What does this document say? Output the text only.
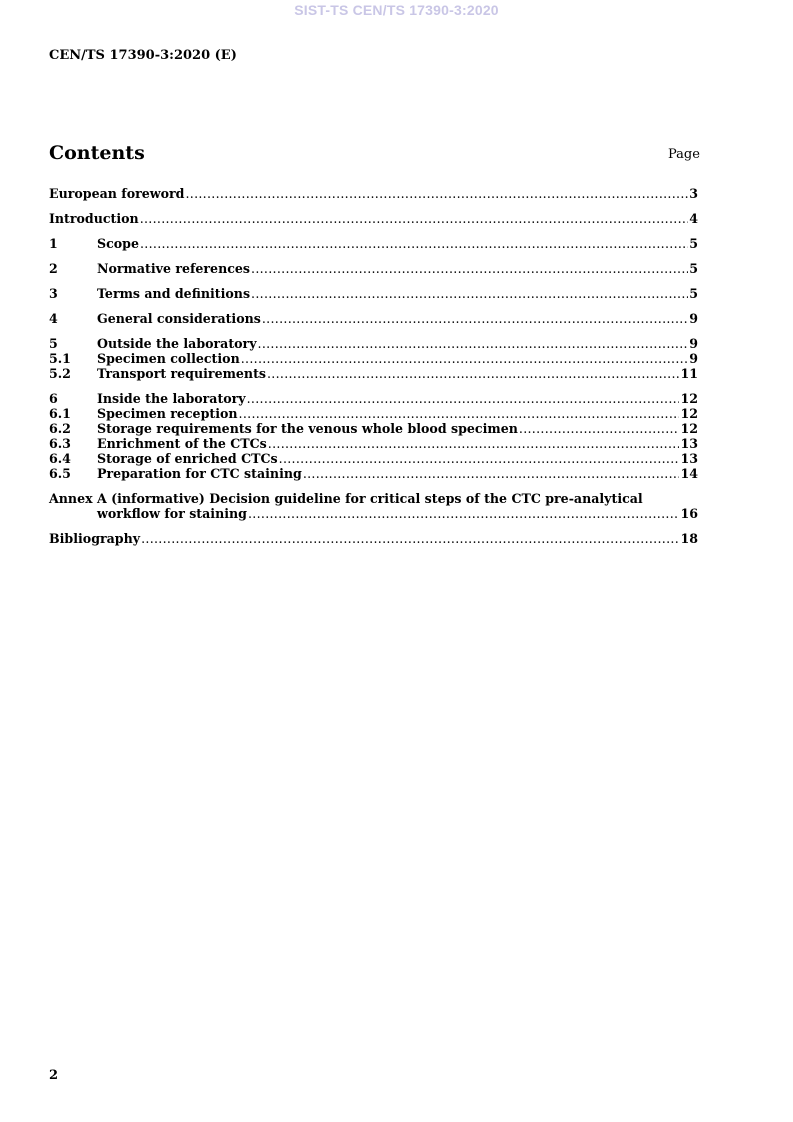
SIST-TS CEN/TS 17390-3:2020
CEN/TS 17390-3:2020 (E)
Contents	Page
European foreword .....	3
Introduction .....	4
1	Scope .....	5
2	Normative references .....	5
3	Terms and definitions .....	5
4	General considerations .....	9
5	Outside the laboratory .....	9
5.1	Specimen collection .....	9
5.2	Transport requirements .....	11
6	Inside the laboratory .....	12
6.1	Specimen reception .....	12
6.2	Storage requirements for the venous whole blood specimen .....	12
6.3	Enrichment of the CTCs .....	13
6.4	Storage of enriched CTCs .....	13
6.5	Preparation for CTC staining .....	14
Annex A (informative) Decision guideline for critical steps of the CTC pre-analytical
workflow for staining .....	16
Bibliography .....	18
2
